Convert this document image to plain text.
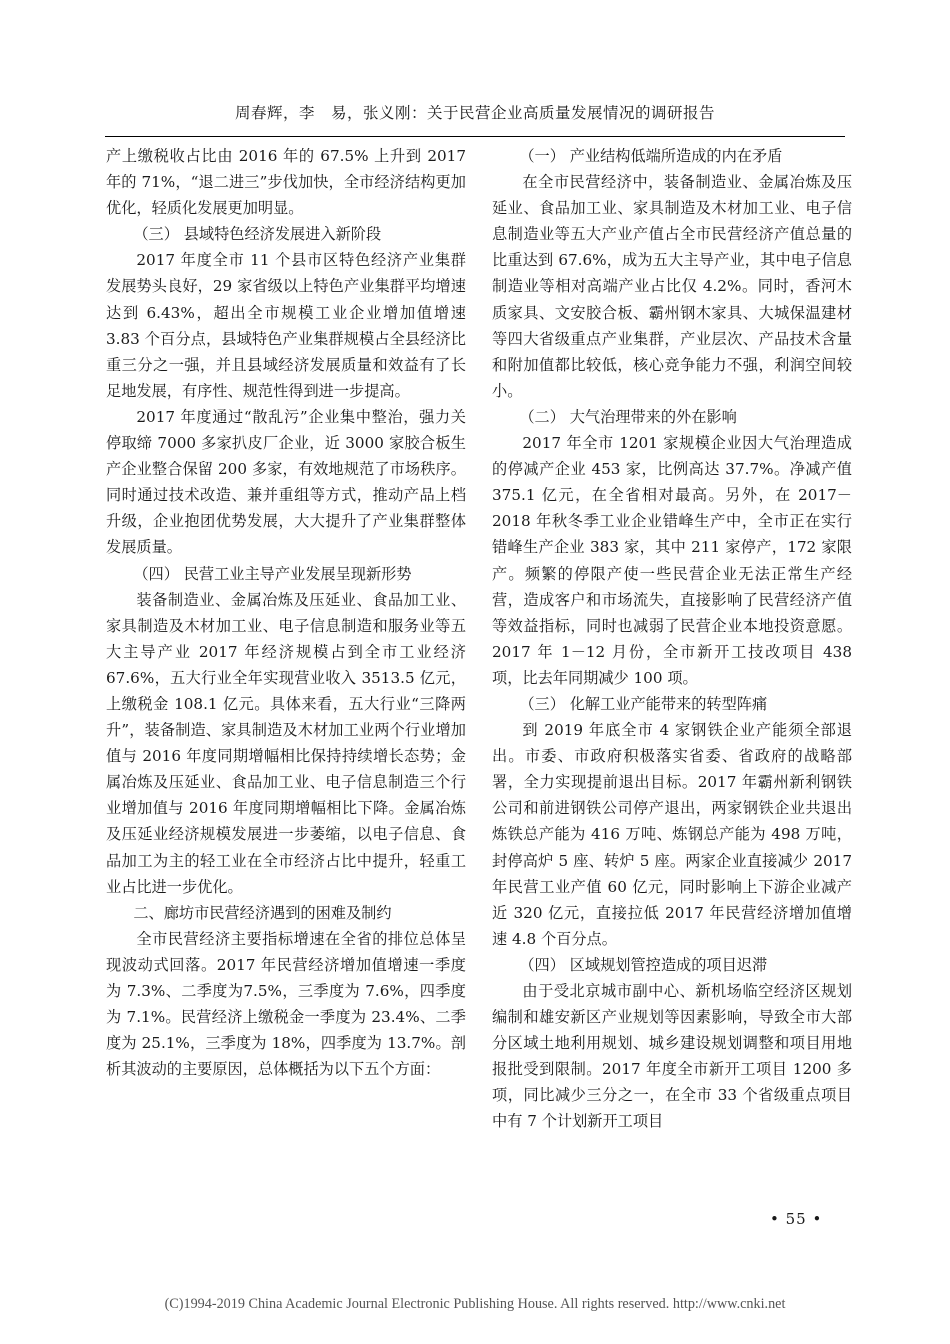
周春辉，李　易，张义刚：关于民营企业高质量发展情况的调研报告

产上缴税收占比由 2016 年的 67.5% 上升到 2017 年的 71%，“退二进三”步伐加快，全市经济结构更加优化，轻质化发展更加明显。

（三） 县域特色经济发展进入新阶段

2017 年度全市 11 个县市区特色经济产业集群发展势头良好，29 家省级以上特色产业集群平均增速达到 6.43%，超出全市规模工业企业增加值增速 3.83 个百分点，县域特色产业集群规模占全县经济比重三分之一强，并且县域经济发展质量和效益有了长足地发展，有序性、规范性得到进一步提高。

2017 年度通过“散乱污”企业集中整治，强力关停取缔 7000 多家扒皮厂企业，近 3000 家胶合板生产企业整合保留 200 多家，有效地规范了市场秩序。同时通过技术改造、兼并重组等方式，推动产品上档升级，企业抱团优势发展，大大提升了产业集群整体发展质量。

（四） 民营工业主导产业发展呈现新形势

装备制造业、金属冶炼及压延业、食品加工业、家具制造及木材加工业、电子信息制造和服务业等五大主导产业 2017 年经济规模占到全市工业经济67.6%，五大行业全年实现营业收入 3513.5 亿元，上缴税金 108.1 亿元。具体来看，五大行业“三降两升”，装备制造、家具制造及木材加工业两个行业增加值与 2016 年度同期增幅相比保持持续增长态势；金属冶炼及压延业、食品加工业、电子信息制造三个行业增加值与 2016 年度同期增幅相比下降。金属冶炼及压延业经济规模发展进一步萎缩，以电子信息、食品加工为主的轻工业在全市经济占比中提升，轻重工业占比进一步优化。

二、廊坊市民营经济遇到的困难及制约

全市民营经济主要指标增速在全省的排位总体呈现波动式回落。2017 年民营经济增加值增速一季度为 7.3%、二季度为7.5%，三季度为 7.6%，四季度为 7.1%。民营经济上缴税金一季度为 23.4%、二季度为 25.1%，三季度为 18%，四季度为 13.7%。剖析其波动的主要原因，总体概括为以下五个方面：

（一） 产业结构低端所造成的内在矛盾

在全市民营经济中，装备制造业、金属冶炼及压延业、食品加工业、家具制造及木材加工业、电子信息制造业等五大产业产值占全市民营经济产值总量的比重达到 67.6%，成为五大主导产业，其中电子信息制造业等相对高端产业占比仅 4.2%。同时，香河木质家具、文安胶合板、霸州钢木家具、大城保温建材等四大省级重点产业集群，产业层次、产品技术含量和附加值都比较低，核心竞争能力不强，利润空间较小。

（二） 大气治理带来的外在影响

2017 年全市 1201 家规模企业因大气治理造成的停减产企业 453 家，比例高达 37.7%。净减产值 375.1 亿元，在全省相对最高。另外，在 2017－2018 年秋冬季工业企业错峰生产中，全市正在实行错峰生产企业 383 家，其中 211 家停产，172 家限产。频繁的停限产使一些民营企业无法正常生产经营，造成客户和市场流失，直接影响了民营经济产值等效益指标，同时也减弱了民营企业本地投资意愿。2017 年 1－12 月份，全市新开工技改项目 438 项，比去年同期减少 100 项。

（三） 化解工业产能带来的转型阵痛

到 2019 年底全市 4 家钢铁企业产能须全部退出。市委、市政府积极落实省委、省政府的战略部署，全力实现提前退出目标。2017 年霸州新利钢铁公司和前进钢铁公司停产退出，两家钢铁企业共退出炼铁总产能为 416 万吨、炼钢总产能为 498 万吨，封停高炉 5 座、转炉 5 座。两家企业直接减少 2017 年民营工业产值 60 亿元，同时影响上下游企业减产近 320 亿元，直接拉低 2017 年民营经济增加值增速 4.8 个百分点。

（四） 区域规划管控造成的项目迟滞

由于受北京城市副中心、新机场临空经济区规划编制和雄安新区产业规划等因素影响，导致全市大部分区域土地利用规划、城乡建设规划调整和项目用地报批受到限制。2017 年度全市新开工项目 1200 多项，同比减少三分之一，在全市 33 个省级重点项目中有 7 个计划新开工项目

• 55 •
(C)1994-2019 China Academic Journal Electronic Publishing House. All rights reserved. http://www.cnki.net
